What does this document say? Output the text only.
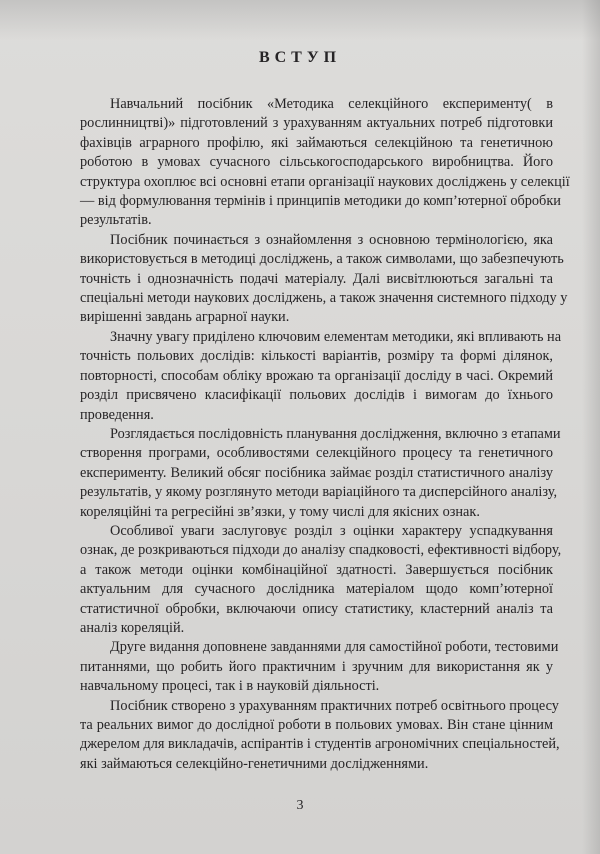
ВСТУП

Навчальний посібник «Методика селекційного експерименту( в
рослинництві)» підготовлений з урахуванням актуальних потреб підготовки
фахівців аграрного профілю, які займаються селекційною та генетичною
роботою в умовах сучасного сільськогосподарського виробництва. Його
структура охоплює всі основні етапи організації наукових досліджень у селекції
— від формулювання термінів і принципів методики до комп’ютерної обробки
результатів.

Посібник починається з ознайомлення з основною термінологією, яка
використовується в методиці досліджень, а також символами, що забезпечують
точність і однозначність подачі матеріалу. Далі висвітлюються загальні та
спеціальні методи наукових досліджень, а також значення системного підходу у
вирішенні завдань аграрної науки.

Значну увагу приділено ключовим елементам методики, які впливають на
точність польових дослідів: кількості варіантів, розміру та формі ділянок,
повторності, способам обліку врожаю та організації досліду в часі. Окремий
розділ присвячено класифікації польових дослідів і вимогам до їхнього
проведення.

Розглядається послідовність планування дослідження, включно з етапами
створення програми, особливостями селекційного процесу та генетичного
експерименту. Великий обсяг посібника займає розділ статистичного аналізу
результатів, у якому розглянуто методи варіаційного та дисперсійного аналізу,
кореляційні та регресійні зв’язки, у тому числі для якісних ознак.

Особливої уваги заслуговує розділ з оцінки характеру успадкування
ознак, де розкриваються підходи до аналізу спадковості, ефективності відбору,
а також методи оцінки комбінаційної здатності. Завершується посібник
актуальним для сучасного дослідника матеріалом щодо комп’ютерної
статистичної обробки, включаючи опису статистику, кластерний аналіз та
аналіз кореляцій.

Друге видання доповнене завданнями для самостійної роботи, тестовими
питаннями, що робить його практичним і зручним для використання як у
навчальному процесі, так і в науковій діяльності.

Посібник створено з урахуванням практичних потреб освітнього процесу
та реальних вимог до дослідної роботи в польових умовах. Він стане цінним
джерелом для викладачів, аспірантів і студентів агрономічних спеціальностей,
які займаються селекційно-генетичними дослідженнями.

3
